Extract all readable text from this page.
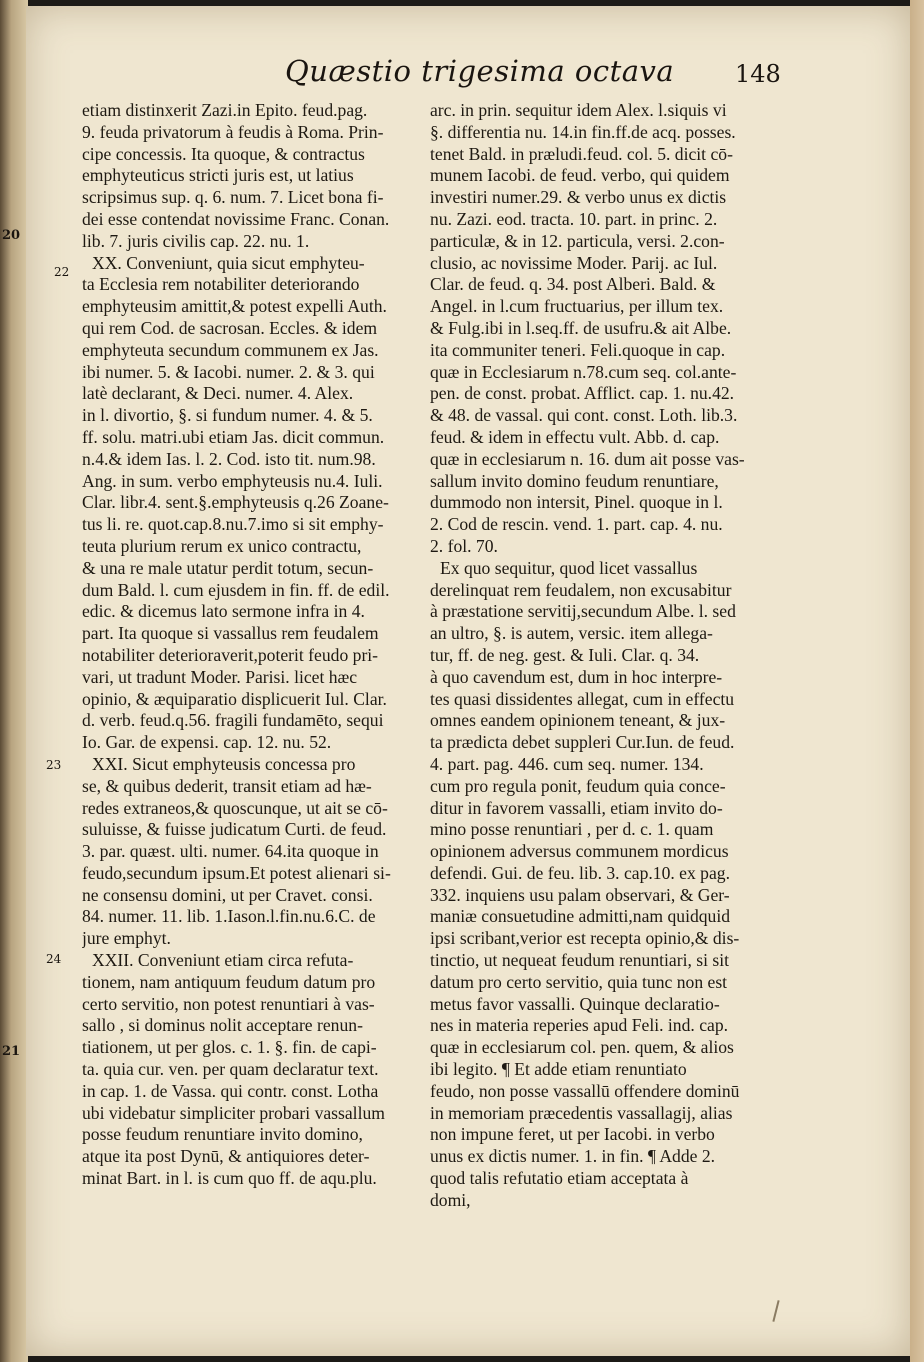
20
21
Quæstio trigesima octava	148
22
23
24
etiam distinxerit Zazi.in Epito. feud.pag.
9. feuda privatorum à feudis à Roma. Prin-
cipe concessis. Ita quoque, & contractus
emphyteuticus stricti juris est, ut latius
scripsimus sup. q. 6. num. 7. Licet bona fi-
dei esse contendat novissime Franc. Conan.
lib. 7. juris civilis cap. 22. nu. 1.
XX. Conveniunt, quia sicut emphyteu-
ta Ecclesia rem notabiliter deteriorando
emphyteusim amittit,& potest expelli Auth.
qui rem Cod. de sacrosan. Eccles. & idem
emphyteuta secundum communem ex Jas.
ibi numer. 5. & Iacobi. numer. 2. & 3. qui
latè declarant, & Deci. numer. 4. Alex.
in l. divortio, §. si fundum numer. 4. & 5.
ff. solu. matri.ubi etiam Jas. dicit commun.
n.4.& idem Ias. l. 2. Cod. isto tit. num.98.
Ang. in sum. verbo emphyteusis nu.4. Iuli.
Clar. libr.4. sent.§.emphyteusis q.26 Zoane-
tus li. re. quot.cap.8.nu.7.imo si sit emphy-
teuta plurium rerum ex unico contractu,
& una re male utatur perdit totum, secun-
dum Bald. l. cum ejusdem in fin. ff. de edil.
edic. & dicemus lato sermone infra in 4.
part. Ita quoque si vassallus rem feudalem
notabiliter deterioraverit,poterit feudo pri-
vari, ut tradunt Moder. Parisi. licet hæc
opinio, & æquiparatio displicuerit Iul. Clar.
d. verb. feud.q.56. fragili fundamēto, sequi
Io. Gar. de expensi. cap. 12. nu. 52.
XXI. Sicut emphyteusis concessa pro
se, & quibus dederit, transit etiam ad hæ-
redes extraneos,& quoscunque, ut ait se cō-
suluisse, & fuisse judicatum Curti. de feud.
3. par. quæst. ulti. numer. 64.ita quoque in
feudo,secundum ipsum.Et potest alienari si-
ne consensu domini, ut per Cravet. consi.
84. numer. 11. lib. 1.Iason.l.fin.nu.6.C. de
jure emphyt.
XXII. Conveniunt etiam circa refuta-
tionem, nam antiquum feudum datum pro
certo servitio, non potest renuntiari à vas-
sallo , si dominus nolit acceptare renun-
tiationem, ut per glos. c. 1. §. fin. de capi-
ta. quia cur. ven. per quam declaratur text.
in cap. 1. de Vassa. qui contr. const. Lotha
ubi videbatur simpliciter probari vassallum
posse feudum renuntiare invito domino,
atque ita post Dynū, & antiquiores deter-
minat Bart. in l. is cum quo ff. de aqu.plu.
arc. in prin. sequitur idem Alex. l.siquis vi
§. differentia nu. 14.in fin.ff.de acq. posses.
tenet Bald. in præludi.feud. col. 5. dicit cō-
munem Iacobi. de feud. verbo, qui quidem
investiri numer.29. & verbo unus ex dictis
nu. Zazi. eod. tracta. 10. part. in princ. 2.
particulæ, & in 12. particula, versi. 2.con-
clusio, ac novissime Moder. Parij. ac Iul.
Clar. de feud. q. 34. post Alberi. Bald. &
Angel. in l.cum fructuarius, per illum tex.
& Fulg.ibi in l.seq.ff. de usufru.& ait Albe.
ita communiter teneri. Feli.quoque in cap.
quæ in Ecclesiarum n.78.cum seq. col.ante-
pen. de const. probat. Afflict. cap. 1. nu.42.
& 48. de vassal. qui cont. const. Loth. lib.3.
feud. & idem in effectu vult. Abb. d. cap.
quæ in ecclesiarum n. 16. dum ait posse vas-
sallum invito domino feudum renuntiare,
dummodo non intersit, Pinel. quoque in l.
2. Cod de rescin. vend. 1. part. cap. 4. nu.
2. fol. 70.
Ex quo sequitur, quod licet vassallus
derelinquat rem feudalem, non excusabitur
à præstatione servitij,secundum Albe. l. sed
an ultro, §. is autem, versic. item allega-
tur, ff. de neg. gest. & Iuli. Clar. q. 34.
à quo cavendum est, dum in hoc interpre-
tes quasi dissidentes allegat, cum in effectu
omnes eandem opinionem teneant, & jux-
ta prædicta debet suppleri Cur.Iun. de feud.
4. part. pag. 446. cum seq. numer. 134.
cum pro regula ponit, feudum quia conce-
ditur in favorem vassalli, etiam invito do-
mino posse renuntiari , per d. c. 1. quam
opinionem adversus communem mordicus
defendi. Gui. de feu. lib. 3. cap.10. ex pag.
332. inquiens usu palam observari, & Ger-
maniæ consuetudine admitti,nam quidquid
ipsi scribant,verior est recepta opinio,& dis-
tinctio, ut nequeat feudum renuntiari, si sit
datum pro certo servitio, quia tunc non est
metus favor vassalli. Quinque declaratio-
nes in materia reperies apud Feli. ind. cap.
quæ in ecclesiarum col. pen. quem, & alios
ibi legito. ¶ Et adde etiam renuntiato
feudo, non posse vassallū offendere dominū
in memoriam præcedentis vassallagij, alias
non impune feret, ut per Iacobi. in verbo
unus ex dictis numer. 1. in fin. ¶ Adde 2.
quod talis refutatio etiam acceptata à
domi,
